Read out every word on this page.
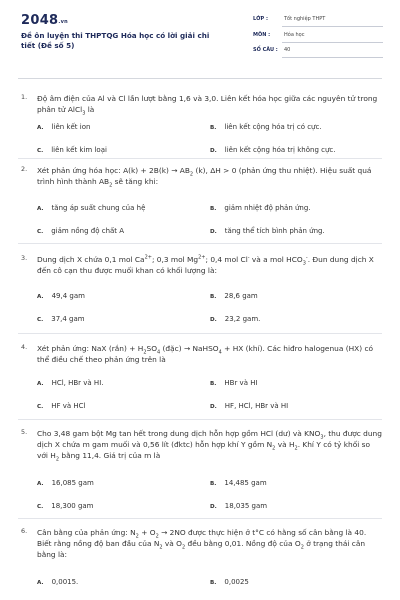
$2048_{.vn}$
Đề ôn luyện thi THPTQG Hóa học có lời giải chi tiết (Đề số 5)
LỚP :	Tốt nghiệp THPT
MÔN :	Hóa học
SỐ CÂU : 40
1. Độ âm điện của Al và Cl lần lượt bằng 1,6 và 3,0. Liên kết hóa học giữa các nguyên tử trong phân tử AlCl$_3$ là
A. liên kết ion	B. liên kết cộng hóa trị có cực.
C. liên kết kim loại	D. liên kết cộng hóa trị không cực.
2. Xét phản ứng hóa học: $A(k) + 2B(k) \to AB_2$ (k), ΔH > 0 (phản ứng thu nhiệt). Hiệu suất quá trình hình thành $AB_2$ sẽ tăng khi:
A. tăng áp suất chung của hệ	B. giảm nhiệt độ phản ứng.
C. giảm nồng độ chất A	D. tăng thể tích bình phản ứng.
3. Dung dịch X chứa 0,1 mol $Ca^{2+}$; 0,3 mol $Mg^{2+}$; 0,4 mol Cl- và a mol $HCO_3^-$. Đun dung dịch X đến cô cạn thu được muối khan có khối lượng là:
A. 49,4 gam	B. 28,6 gam
C. 37,4 gam	D. 23,2 gam.
4. Xét phản ứng: NaX (rắn) + $H_2SO_4$ (đặc) → NaHSO$_4$ + HX (khí). Các hiđro halogenua (HX) có thể điều chế theo phản ứng trên là
A. HCl, HBr và HI.	B. HBr và HI
C. HF và HCl	D. HF, HCl, HBr và HI
5. Cho 3,48 gam bột Mg tan hết trong dung dịch hỗn hợp gồm HCl (dư) và $KNO_3$, thu được dung dịch X chứa m gam muối và 0,56 lít (đktc) hỗn hợp khí Y gồm $N_2$ và $H_2$. Khí Y có tỷ khối so với $H_2$ bằng 11,4. Giá trị của m là
A. 16,085 gam	B. 14,485 gam
C. 18,300 gam	D. 18,035 gam
6. Cân bằng của phản ứng: $N_2 + O_2 \to 2NO$ được thực hiện ở t°C có hằng số cân bằng là 40. Biết rằng nồng độ ban đầu của $N_2$ và $O_2$ đều bằng 0,01. Nồng độ của $O_2$ ở trạng thái cân bằng là:
A. 0,0015.	B. 0,0025
